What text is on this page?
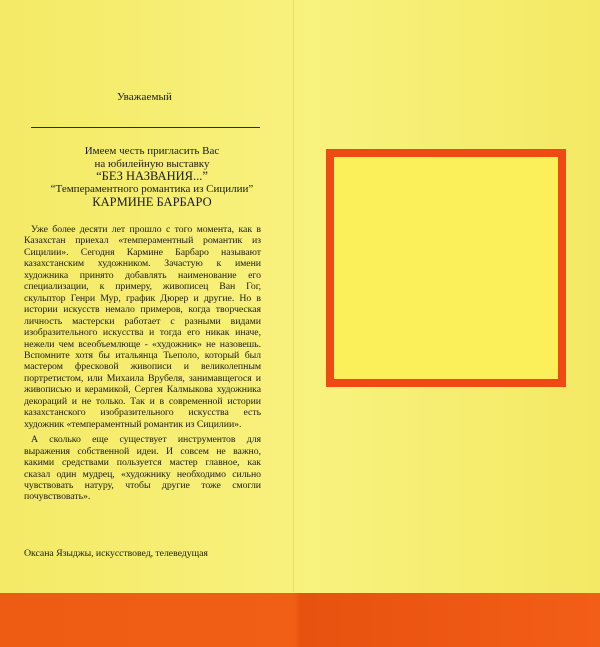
Уважаемый
Имеем честь пригласить Вас
на юбилейную выставку
“БЕЗ НАЗВАНИЯ...”
“Темпераментного романтика из Сицилии”
КАРМИНЕ БАРБАРО

Уже более десяти лет прошло с того момента, как в Казахстан приехал «темпераментный романтик из Сицилии». Сегодня Кармине Барбаро называют казахстанским художником. Зачастую к имени художника принято добавлять наименование его специализации, к примеру, живописец Ван Гог, скульптор Генри Мур, график Дюрер и другие. Но в истории искусств немало примеров, когда творческая личность мастерски работает с разными видами изобразительного искусства и тогда его никак иначе, нежели чем всеобъемлюще - «художник» не назовешь. Вспомните хотя бы итальянца Тьеполо, который был мастером фресковой живописи и великолепным портретистом, или Михаила Врубеля, занимавщегося и живописью и керамикой, Сергея Калмыкова художника декораций и не только. Так и в современной истории казахстанского изобразительного искусства есть художник «темпераментный романтик из Сицилии».

А сколько еще существует инструментов для выражения собственной идеи. И совсем не важно, какими средствами пользуется мастер главное, как сказал один мудрец, «художнику необходимо сильно чувствовать натуру, чтобы другие тоже смогли почувствовать».

Оксана Языджы, искусствовед, телеведущая
